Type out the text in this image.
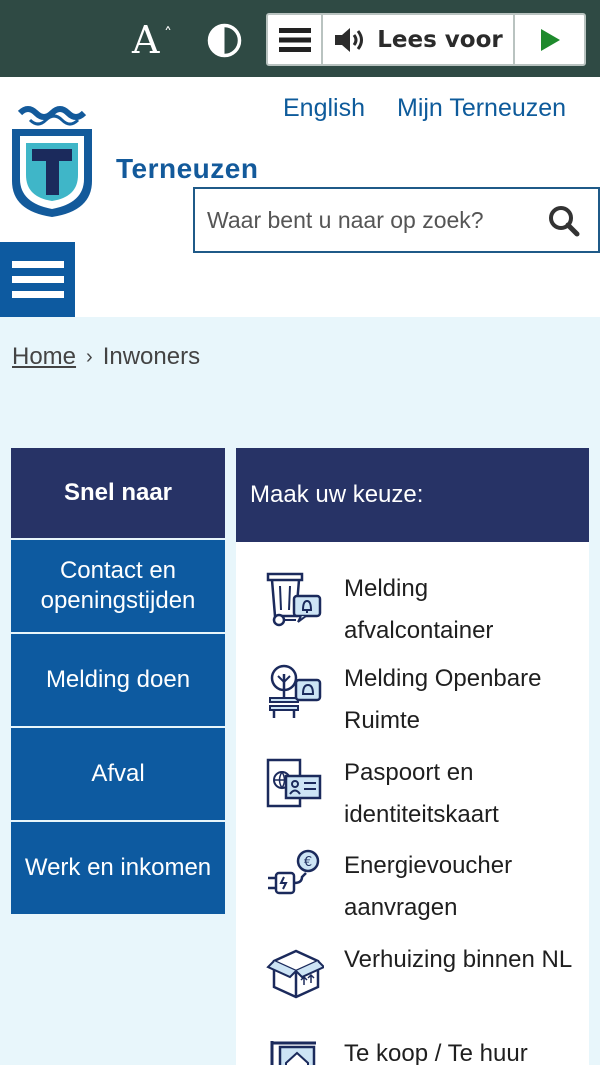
A ˄	Lees voor
English Mijn Terneuzen
Terneuzen
Waar bent u naar op zoek?
Home › Inwoners
Snel naar
Contact en openingstijden
Melding doen
Afval
Werk en inkomen
Maak uw keuze:
Melding afvalcontainer
Melding Openbare Ruimte
Paspoort en identiteitskaart
€ Energievoucher aanvragen
Verhuizing binnen NL
Te koop / Te huur
